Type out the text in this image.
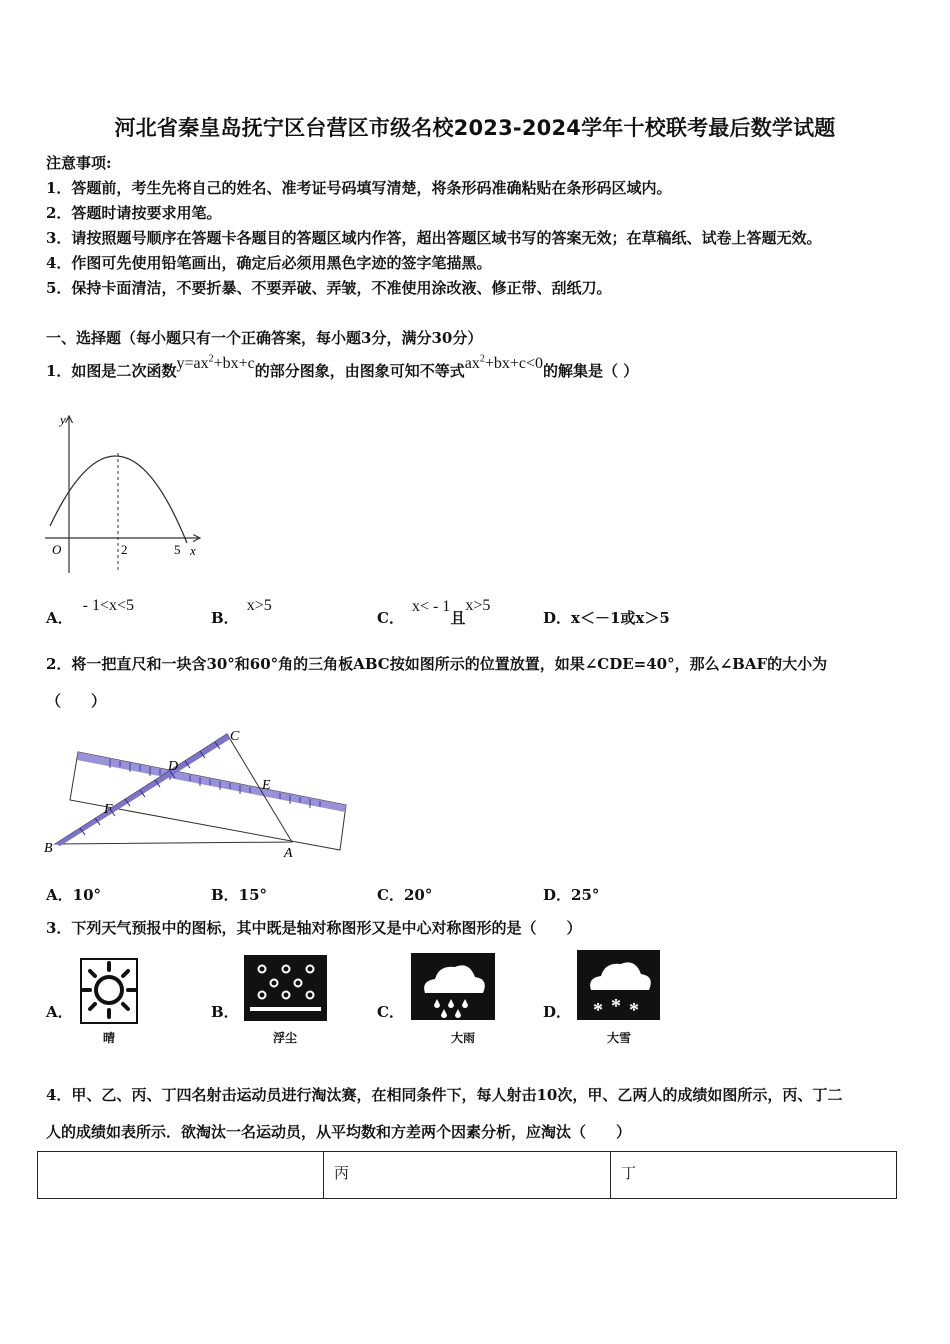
河北省秦皇岛抚宁区台营区市级名校2023-2024学年十校联考最后数学试题
注意事项:
1．答题前，考生先将自己的姓名、准考证号码填写清楚，将条形码准确粘贴在条形码区域内。
2．答题时请按要求用笔。
3．请按照题号顺序在答题卡各题目的答题区域内作答，超出答题区域书写的答案无效；在草稿纸、试卷上答题无效。
4．作图可先使用铅笔画出，确定后必须用黑色字迹的签字笔描黑。
5．保持卡面清洁，不要折暴、不要弄破、弄皱，不准使用涂改液、修正带、刮纸刀。
一、选择题（每小题只有一个正确答案，每小题3分，满分30分）
1．如图是二次函数$y=ax^2+bx+c$的部分图象，由图象可知不等式$ax^2+bx+c<0$的解集是（ ）
y
x
O	2	5
A．- 1<x<5
B．x>5
C．x< - 1且x>5
D．x＜－1或x＞5
2．将一把直尺和一块含30°和60°角的三角板ABC按如图所示的位置放置，如果∠CDE=40°，那么∠BAF的大小为
（　　）
C
D
E
F
B	A
A．10°	B．15°	C．20°	D．25°
3．下列天气预报中的图标，其中既是轴对称图形又是中心对称图形的是（　　）
A．
晴
B．
浮尘
C．
大雨
D． * * *
大雪
4．甲、乙、丙、丁四名射击运动员进行淘汰赛，在相同条件下，每人射击10次，甲、乙两人的成绩如图所示，丙、丁二
人的成绩如表所示．欲淘汰一名运动员，从平均数和方差两个因素分析，应淘汰（　　）
	丙	丁
